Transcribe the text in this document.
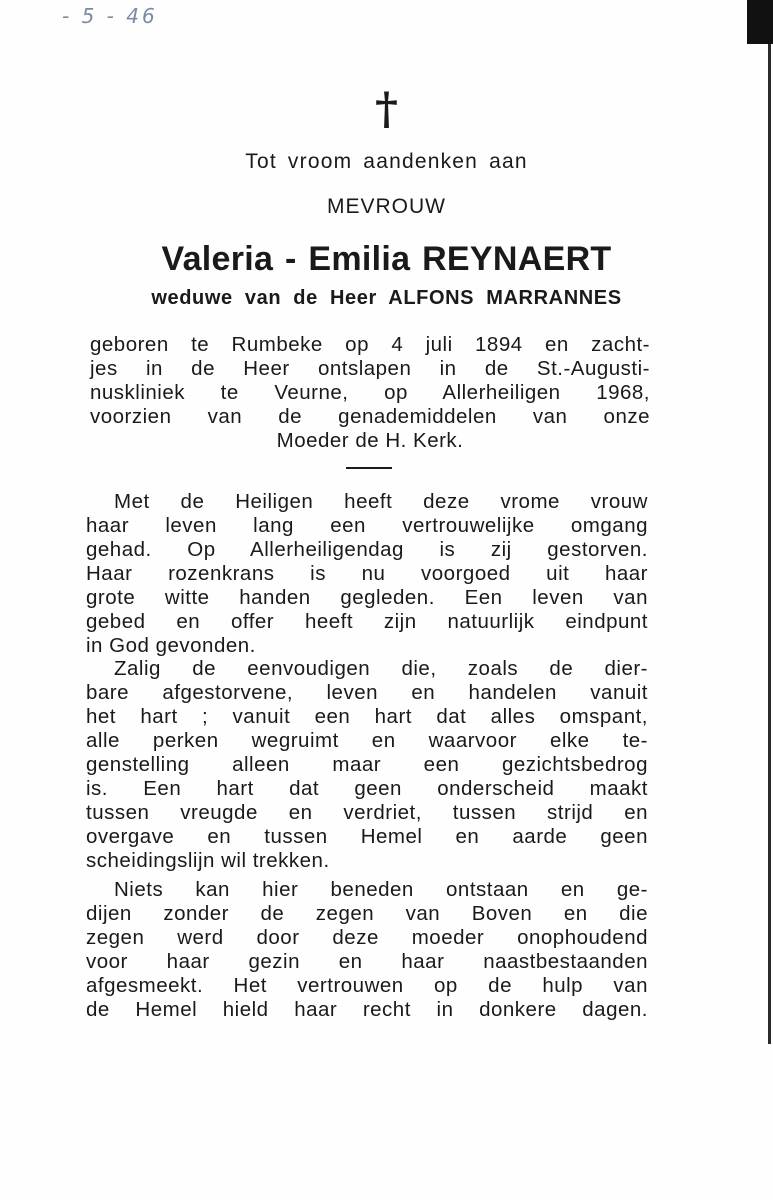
- 5 - 46
†
Tot vroom aandenken aan
MEVROUW
Valeria - Emilia REYNAERT
weduwe van de Heer ALFONS MARRANNES
geboren te Rumbeke op 4 juli 1894 en zacht-
jes in de Heer ontslapen in de St.-Augusti-
nuskliniek te Veurne, op Allerheiligen 1968,
voorzien van de genademiddelen van onze
Moeder de H. Kerk.
Met de Heiligen heeft deze vrome vrouw
haar leven lang een vertrouwelijke omgang
gehad. Op Allerheiligendag is zij gestorven.
Haar rozenkrans is nu voorgoed uit haar
grote witte handen gegleden. Een leven van
gebed en offer heeft zijn natuurlijk eindpunt
in God gevonden.
Zalig de eenvoudigen die, zoals de dier-
bare afgestorvene, leven en handelen vanuit
het hart ; vanuit een hart dat alles omspant,
alle perken wegruimt en waarvoor elke te-
genstelling alleen maar een gezichtsbedrog
is. Een hart dat geen onderscheid maakt
tussen vreugde en verdriet, tussen strijd en
overgave en tussen Hemel en aarde geen
scheidingslijn wil trekken.
Niets kan hier beneden ontstaan en ge-
dijen zonder de zegen van Boven en die
zegen werd door deze moeder onophoudend
voor haar gezin en haar naastbestaanden
afgesmeekt. Het vertrouwen op de hulp van
de Hemel hield haar recht in donkere dagen.
